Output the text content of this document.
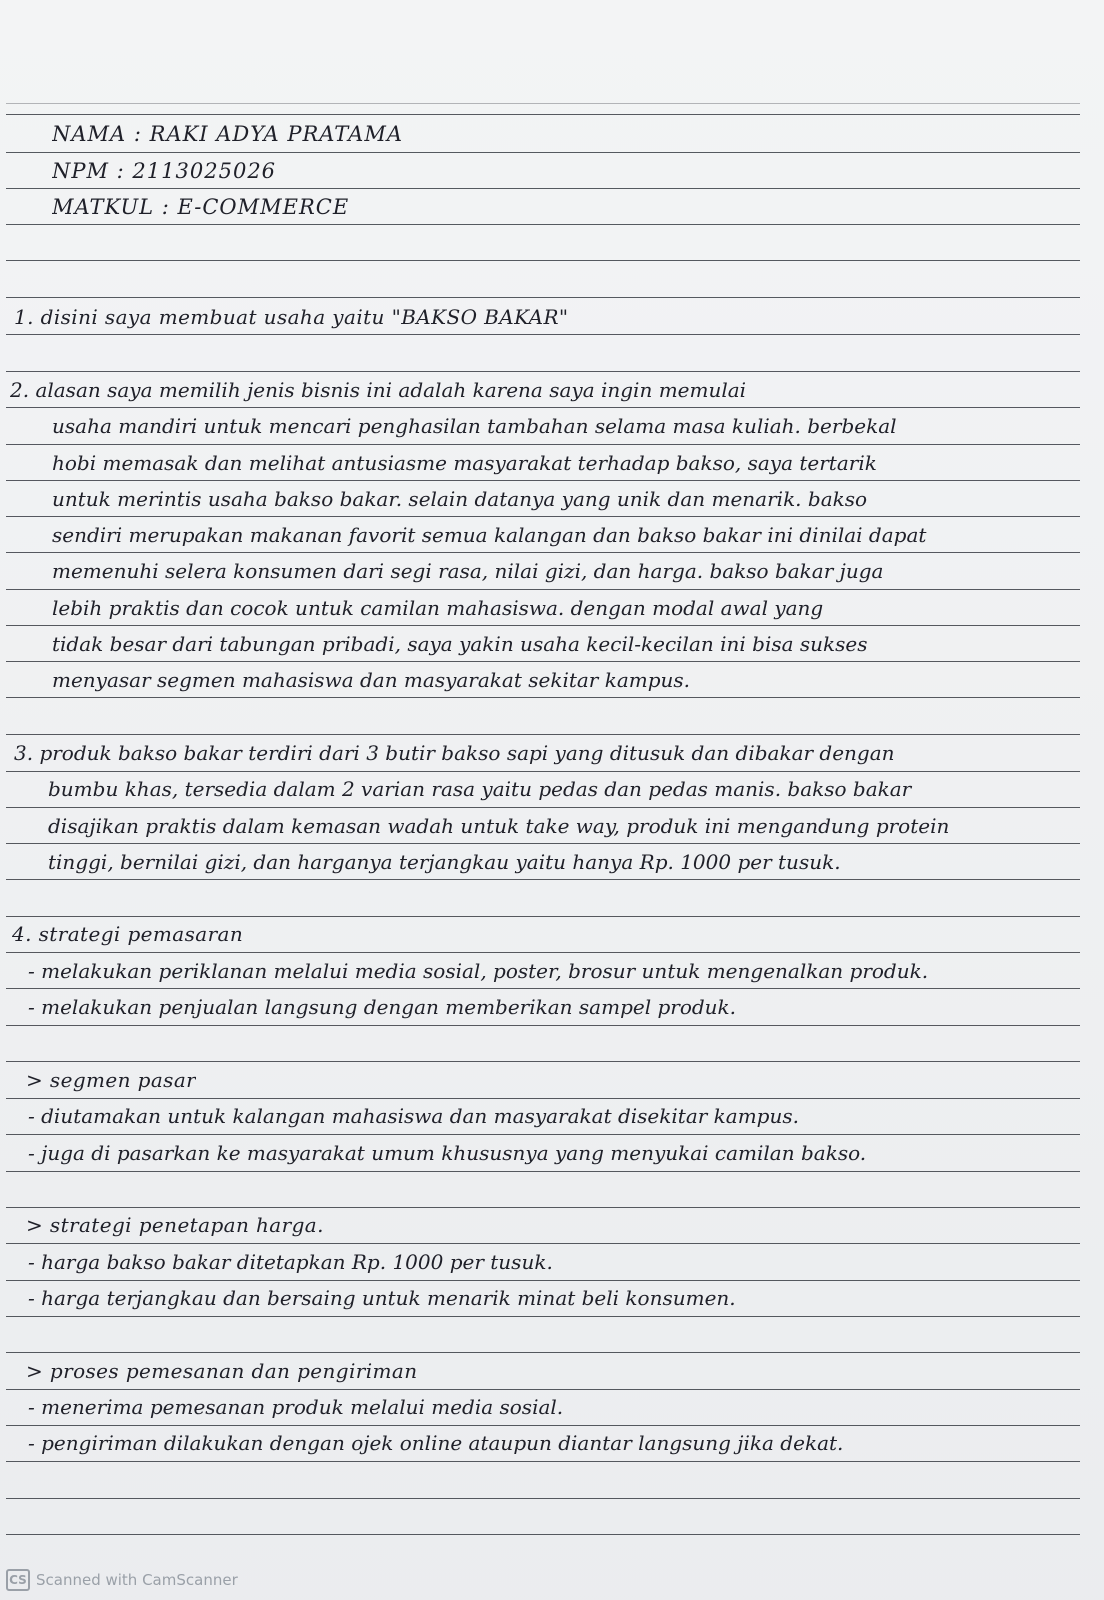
NAMA : RAKI ADYA PRATAMA
NPM : 2113025026
MATKUL : E-COMMERCE
1. disini saya membuat usaha yaitu "BAKSO BAKAR"
2. alasan saya memilih jenis bisnis ini adalah karena saya ingin memulai
usaha mandiri untuk mencari penghasilan tambahan selama masa kuliah. berbekal
hobi memasak dan melihat antusiasme masyarakat terhadap bakso, saya tertarik
untuk merintis usaha bakso bakar. selain datanya yang unik dan menarik. bakso
sendiri merupakan makanan favorit semua kalangan dan bakso bakar ini dinilai dapat
memenuhi selera konsumen dari segi rasa, nilai gizi, dan harga. bakso bakar juga
lebih praktis dan cocok untuk camilan mahasiswa. dengan modal awal yang
tidak besar dari tabungan pribadi, saya yakin usaha kecil-kecilan ini bisa sukses
menyasar segmen mahasiswa dan masyarakat sekitar kampus.
3. produk bakso bakar terdiri dari 3 butir bakso sapi yang ditusuk dan dibakar dengan
bumbu khas, tersedia dalam 2 varian rasa yaitu pedas dan pedas manis. bakso bakar
disajikan praktis dalam kemasan wadah untuk take way, produk ini mengandung protein
tinggi, bernilai gizi, dan harganya terjangkau yaitu hanya Rp. 1000 per tusuk.
4. strategi pemasaran
- melakukan periklanan melalui media sosial, poster, brosur untuk mengenalkan produk.
- melakukan penjualan langsung dengan memberikan sampel produk.
> segmen pasar
- diutamakan untuk kalangan mahasiswa dan masyarakat disekitar kampus.
- juga di pasarkan ke masyarakat umum khususnya yang menyukai camilan bakso.
> strategi penetapan harga.
- harga bakso bakar ditetapkan Rp. 1000 per tusuk.
- harga terjangkau dan bersaing untuk menarik minat beli konsumen.
> proses pemesanan dan pengiriman
- menerima pemesanan produk melalui media sosial.
- pengiriman dilakukan dengan ojek online ataupun diantar langsung jika dekat.
CS Scanned with CamScanner
